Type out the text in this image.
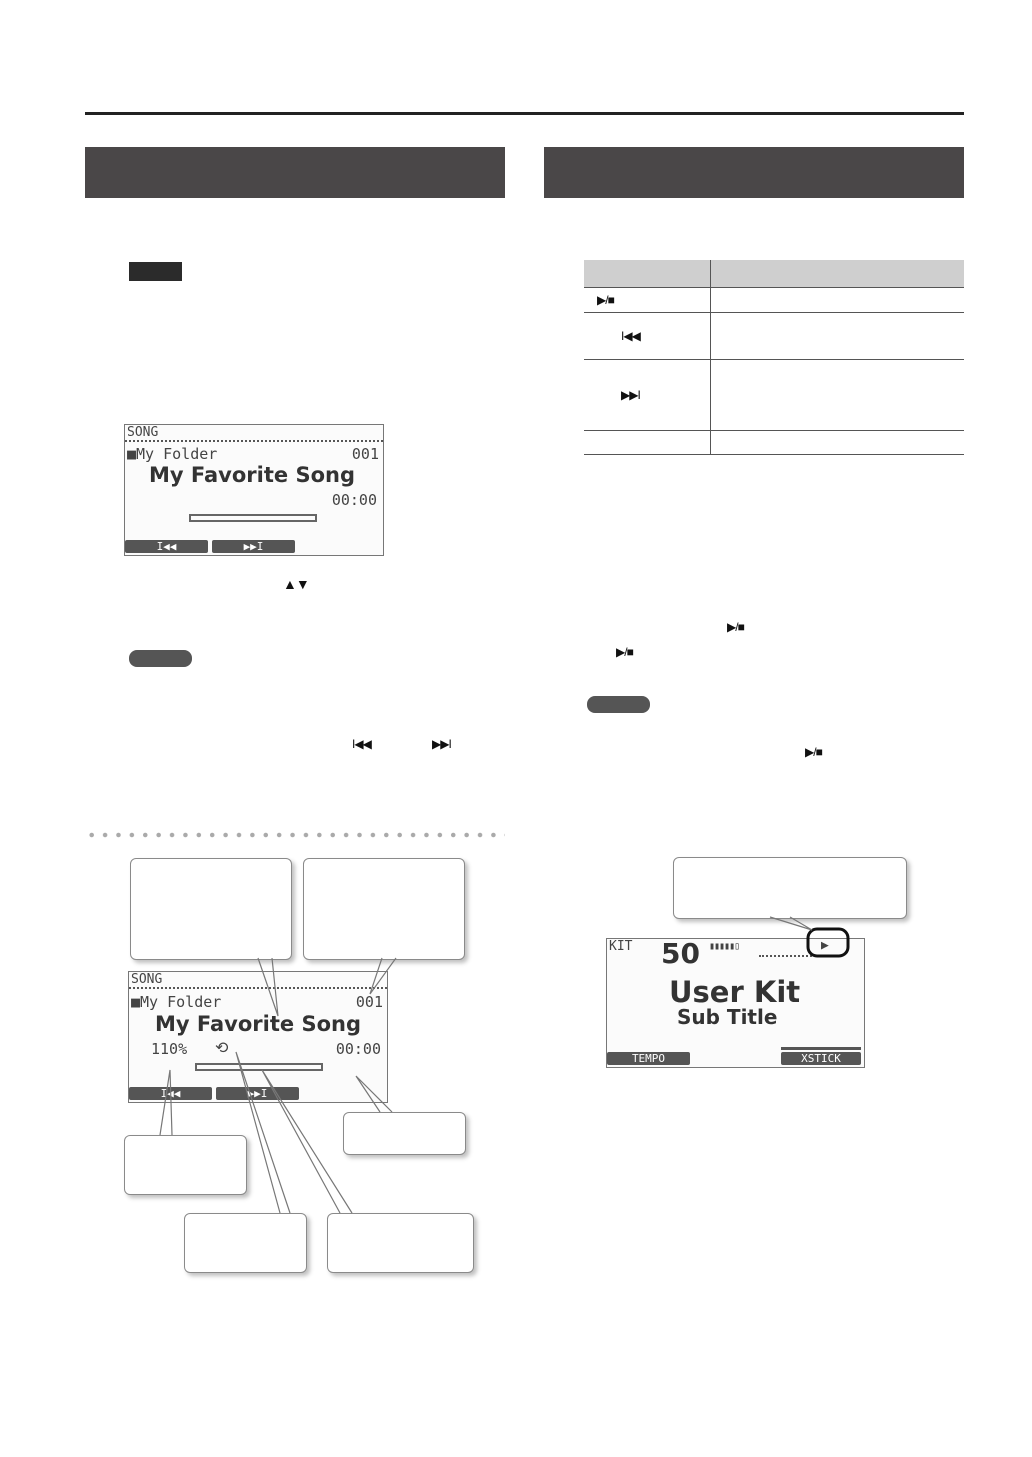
SONG
■My Folder	001
My Favorite Song
00:00
I◀◀	▶▶I
▲▼
I◀◀	▶▶I
SONG
■My Folder	001
My Favorite Song
110% ⟲	00:00
I◀◀	▶▶I

▶/■	
I◀◀	
▶▶I	

▶/■
▶/■
▶/■
KIT 50 ▮▮▮▮▮▯	▶
User Kit
Sub Title
TEMPO	XSTICK
